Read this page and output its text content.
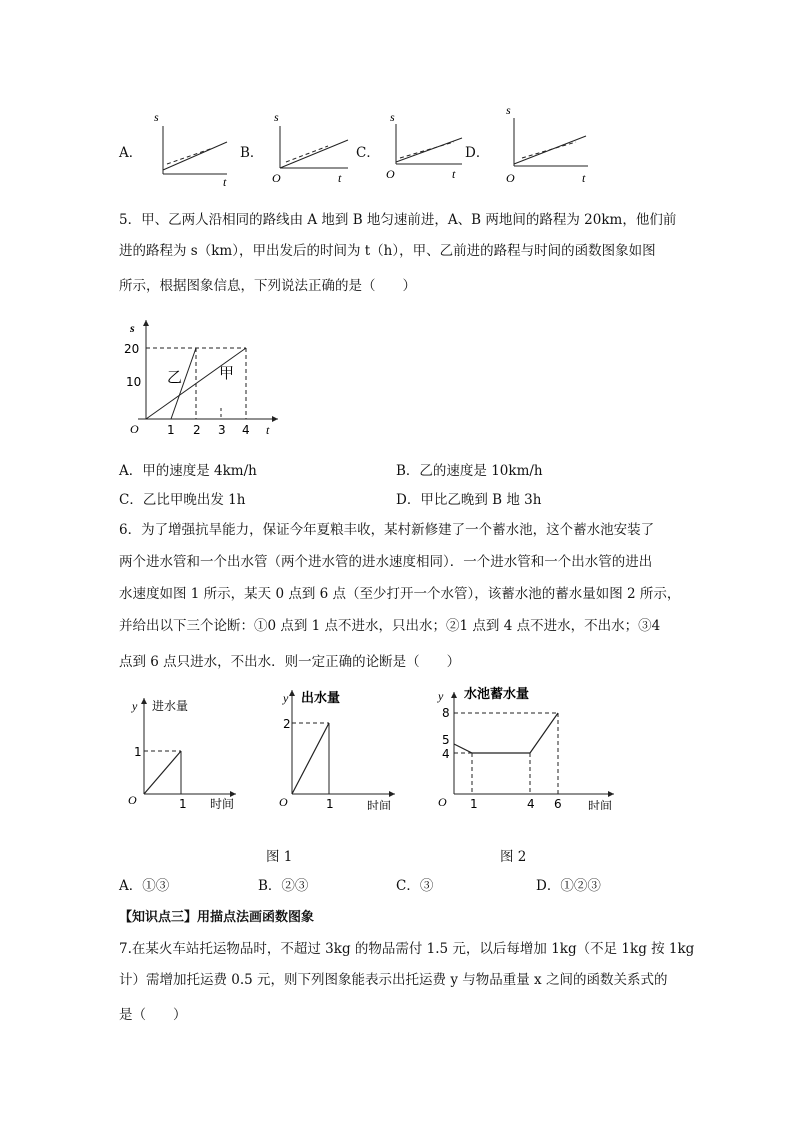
A．
s
t
B．
s
O	t
C．
s
O	t
D．
s
O	t
5．甲、乙两人沿相同的路线由 A 地到 B 地匀速前进，A、B 两地间的路程为 20km，他们前
进的路程为 s（km），甲出发后的时间为 t（h），甲、乙前进的路程与时间的函数图象如图
所示，根据图象信息，下列说法正确的是（　　）
s
t
O
20
10
1 2 3 4
乙 甲
A．甲的速度是 4km/h	B．乙的速度是 10km/h
C．乙比甲晚出发 1h	D．甲比乙晚到 B 地 3h
6．为了增强抗旱能力，保证今年夏粮丰收，某村新修建了一个蓄水池，这个蓄水池安装了
两个进水管和一个出水管（两个进水管的进水速度相同）．一个进水管和一个出水管的进出
水速度如图 1 所示，某天 0 点到 6 点（至少打开一个水管），该蓄水池的蓄水量如图 2 所示，
并给出以下三个论断：①0 点到 1 点不进水，只出水；②1 点到 4 点不进水，不出水；③4
点到 6 点只进水，不出水．则一定正确的论断是（　　）
y 进水量
1
1 时间
O
y 出水量
2
1	时间
O
y 水池蓄水量
8
5
4
1	4 6 时间
O
图 1	图 2
A．①③	B．②③	C．③	D．①②③
【知识点三】用描点法画函数图象
7.在某火车站托运物品时，不超过 3kg 的物品需付 1.5 元，以后每增加 1kg（不足 1kg 按 1kg
计）需增加托运费 0.5 元，则下列图象能表示出托运费 y 与物品重量 x 之间的函数关系式的
是（　　）
